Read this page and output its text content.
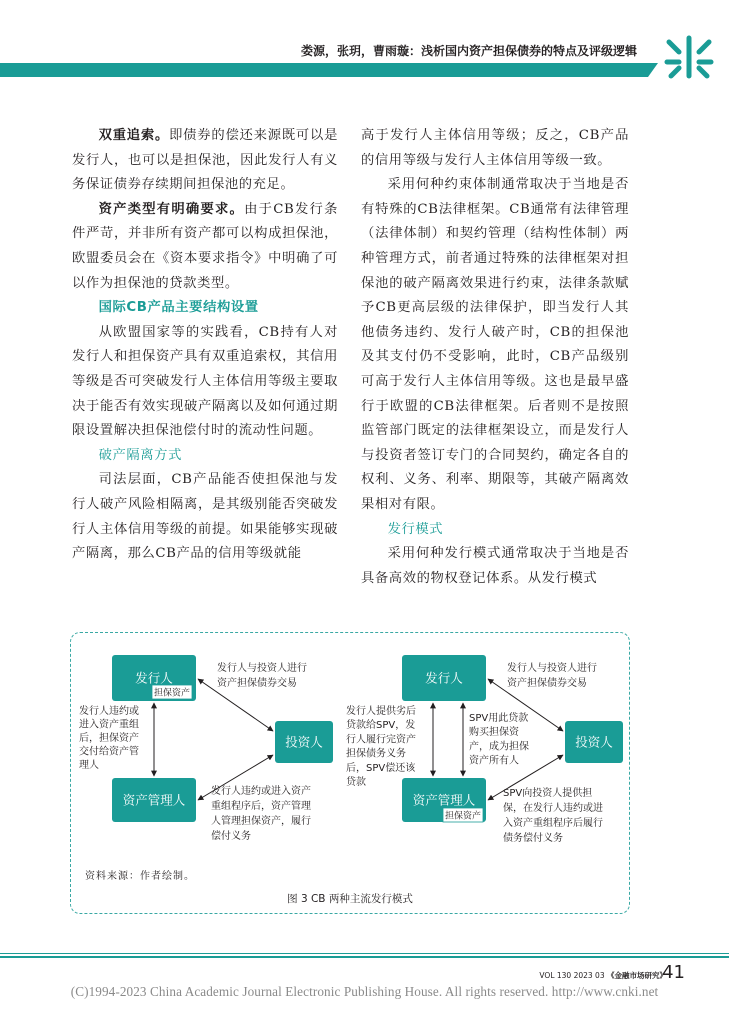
娄源，张玥，曹雨璇：浅析国内资产担保债券的特点及评级逻辑

双重追索。即债券的偿还来源既可以是发行人，也可以是担保池，因此发行人有义务保证债券存续期间担保池的充足。

资产类型有明确要求。由于CB发行条件严苛，并非所有资产都可以构成担保池，欧盟委员会在《资本要求指令》中明确了可以作为担保池的贷款类型。

国际CB产品主要结构设置

从欧盟国家等的实践看，CB持有人对发行人和担保资产具有双重追索权，其信用等级是否可突破发行人主体信用等级主要取决于能否有效实现破产隔离以及如何通过期限设置解决担保池偿付时的流动性问题。

破产隔离方式

司法层面，CB产品能否使担保池与发行人破产风险相隔离，是其级别能否突破发行人主体信用等级的前提。如果能够实现破产隔离，那么CB产品的信用等级就能

高于发行人主体信用等级；反之，CB产品的信用等级与发行人主体信用等级一致。

采用何种约束体制通常取决于当地是否有特殊的CB法律框架。CB通常有法律管理（法律体制）和契约管理（结构性体制）两种管理方式，前者通过特殊的法律框架对担保池的破产隔离效果进行约束，法律条款赋予CB更高层级的法律保护，即当发行人其他债务违约、发行人破产时，CB的担保池及其支付仍不受影响，此时，CB产品级别可高于发行人主体信用等级。这也是最早盛行于欧盟的CB法律框架。后者则不是按照监管部门既定的法律框架设立，而是发行人与投资者签订专门的合同契约，确定各自的权利、义务、利率、期限等，其破产隔离效果相对有限。

发行模式

采用何种发行模式通常取决于当地是否具备高效的物权登记体系。从发行模式

发行人
担保资产
投资人
资产管理人
发行人与投资人进行资产担保债券交易
发行人违约或进入资产重组后，担保资产交付给资产管理人
发行人违约或进入资产重组程序后，资产管理人管理担保资产，履行偿付义务
发行人
投资人
资产管理人
担保资产
发行人与投资人进行资产担保债券交易
发行人提供劣后贷款给SPV，发行人履行完资产担保债务义务后，SPV偿还该贷款
SPV用此贷款购买担保资产，成为担保资产所有人
SPV向投资人提供担保，在发行人违约或进入资产重组程序后履行债务偿付义务
资料来源：作者绘制。
图 3 CB 两种主流发行模式
VOL 130 2023 03 《金融市场研究》
41
(C)1994-2023 China Academic Journal Electronic Publishing House. All rights reserved. http://www.cnki.net
